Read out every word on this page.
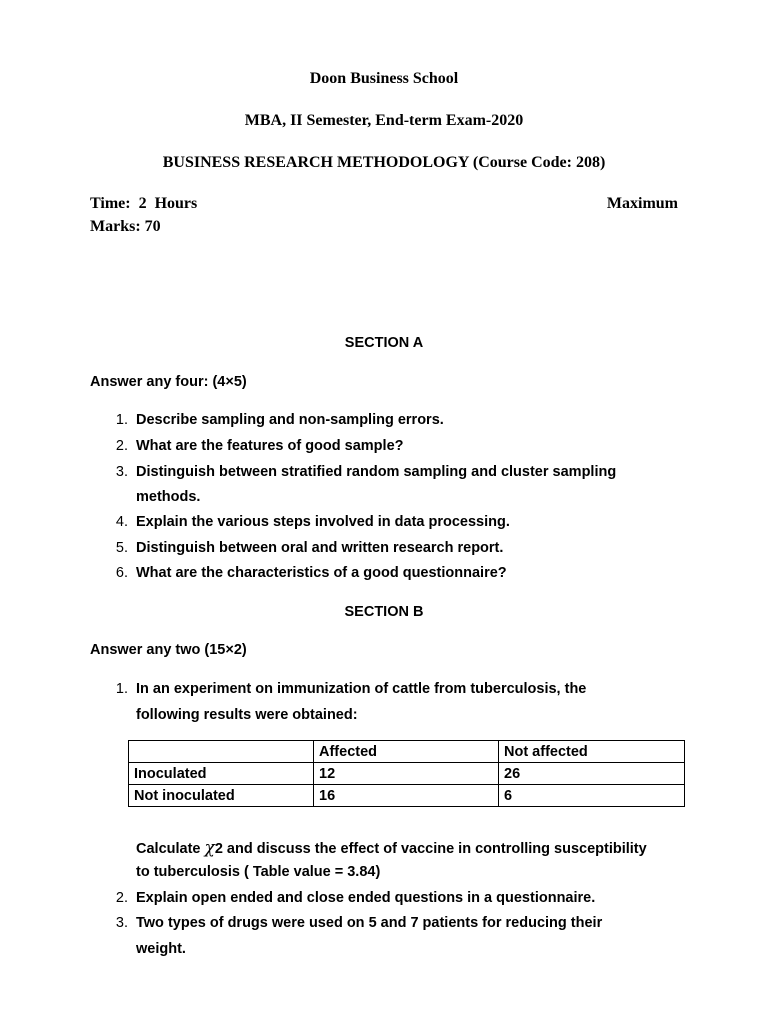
Doon Business School
MBA, II Semester, End-term Exam-2020
BUSINESS RESEARCH METHODOLOGY (Course Code: 208)
Time:  2  Hours	Maximum
Marks: 70
SECTION A
Answer any four: (4×5)
1. Describe sampling and non-sampling errors.
2. What are the features of good sample?
3. Distinguish between stratified random sampling and cluster sampling
methods.
4. Explain the various steps involved in data processing.
5. Distinguish between oral and written research report.
6. What are the characteristics of a good questionnaire?
SECTION B
Answer any two (15×2)
1. In an experiment on immunization of cattle from tuberculosis, the
following results were obtained:
	Affected	Not affected
Inoculated	12	26
Not inoculated	16	6
Calculate χ2 and discuss the effect of vaccine in controlling susceptibility
to tuberculosis ( Table value = 3.84)
2. Explain open ended and close ended questions in a questionnaire.
3. Two types of drugs were used on 5 and 7 patients for reducing their
weight.
